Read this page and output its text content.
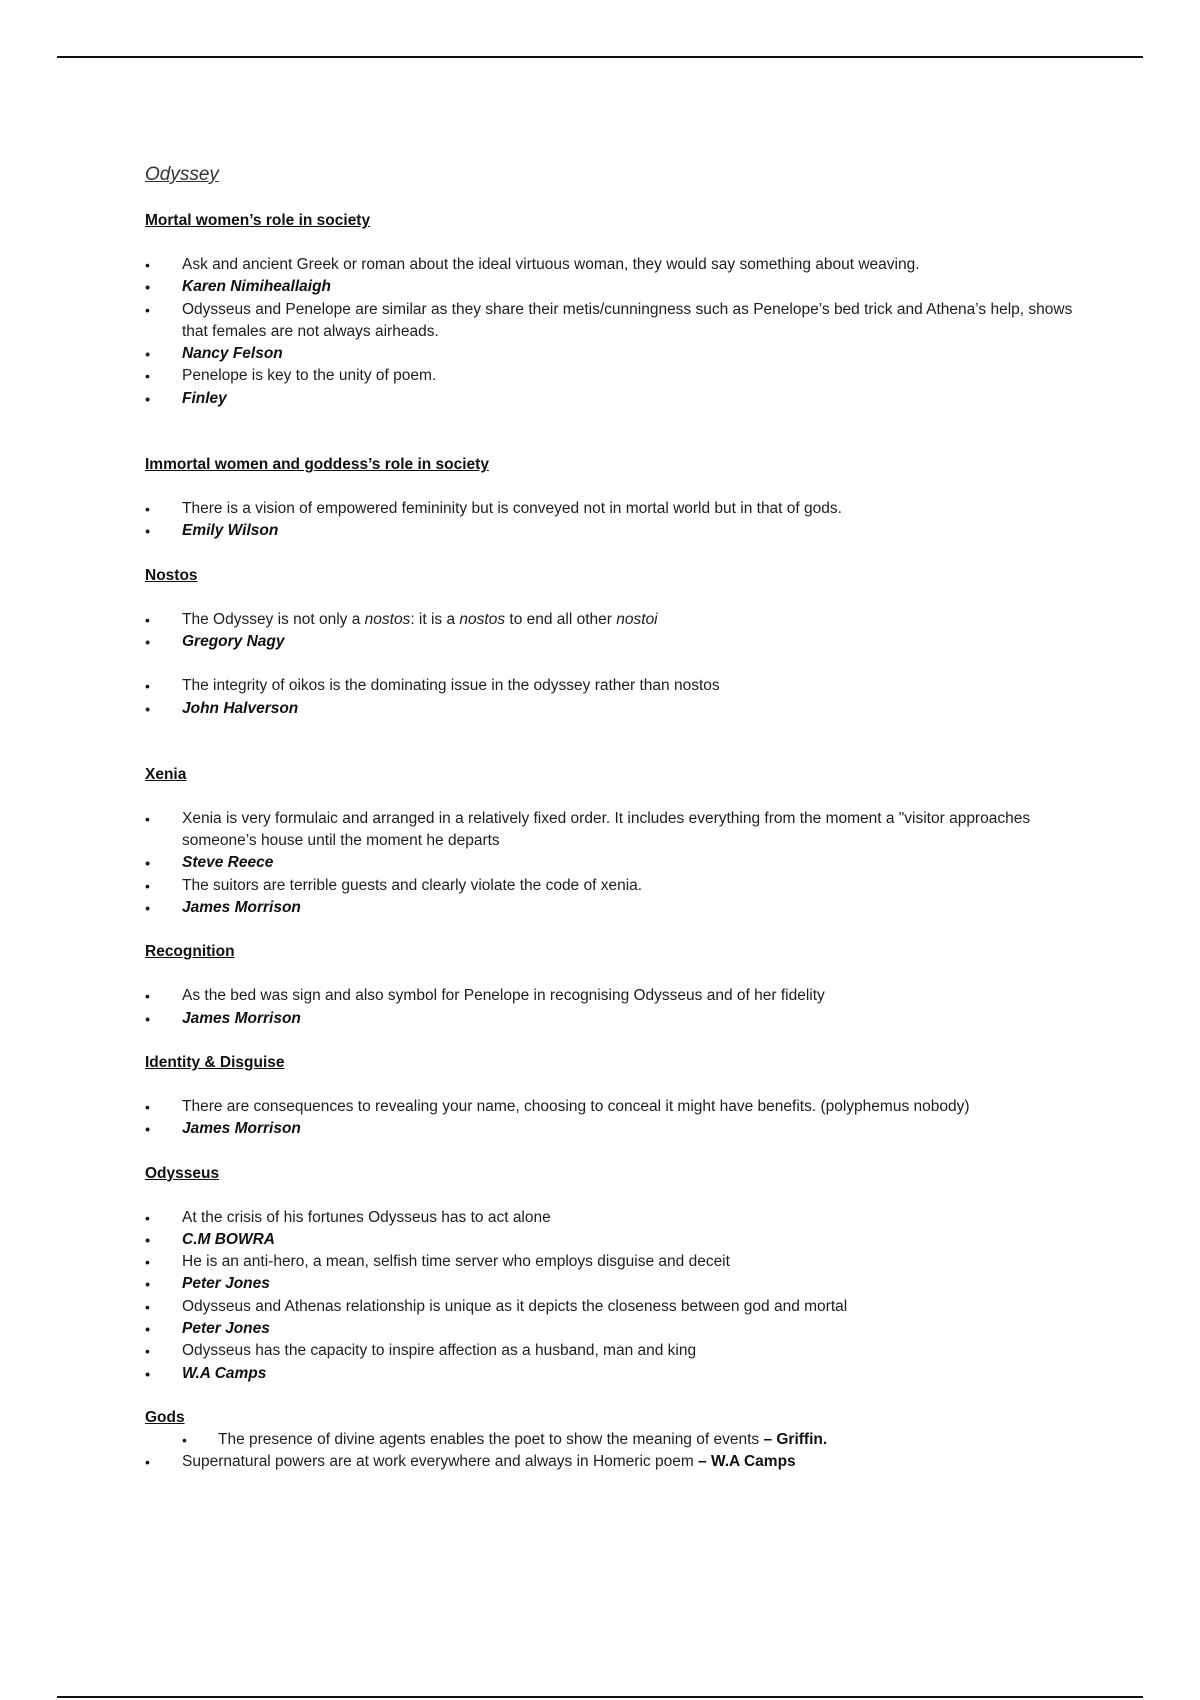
Odyssey

Mortal women’s role in society

• Ask and ancient Greek or roman about the ideal virtuous woman, they would say something about weaving.
• Karen Nimiheallaigh
• Odysseus and Penelope are similar as they share their metis/cunningness such as Penelope’s bed trick and Athena’s help, shows that females are not always airheads.
• Nancy Felson
• Penelope is key to the unity of poem.
• Finley

Immortal women and goddess’s role in society

• There is a vision of empowered femininity but is conveyed not in mortal world but in that of gods.
• Emily Wilson

Nostos

• The Odyssey is not only a nostos: it is a nostos to end all other nostoi
• Gregory Nagy
• The integrity of oikos is the dominating issue in the odyssey rather than nostos
• John Halverson

Xenia

• Xenia is very formulaic and arranged in a relatively fixed order. It includes everything from the moment a "visitor approaches someone’s house until the moment he departs
• Steve Reece
• The suitors are terrible guests and clearly violate the code of xenia.
• James Morrison

Recognition

• As the bed was sign and also symbol for Penelope in recognising Odysseus and of her fidelity
• James Morrison

Identity & Disguise

• There are consequences to revealing your name, choosing to conceal it might have benefits. (polyphemus nobody)
• James Morrison

Odysseus

• At the crisis of his fortunes Odysseus has to act alone
• C.M BOWRA
• He is an anti-hero, a mean, selfish time server who employs disguise and deceit
• Peter Jones
• Odysseus and Athenas relationship is unique as it depicts the closeness between god and mortal
• Peter Jones
• Odysseus has the capacity to inspire affection as a husband, man and king
• W.A Camps

Gods

• The presence of divine agents enables the poet to show the meaning of events – Griffin.
• Supernatural powers are at work everywhere and always in Homeric poem – W.A Camps
